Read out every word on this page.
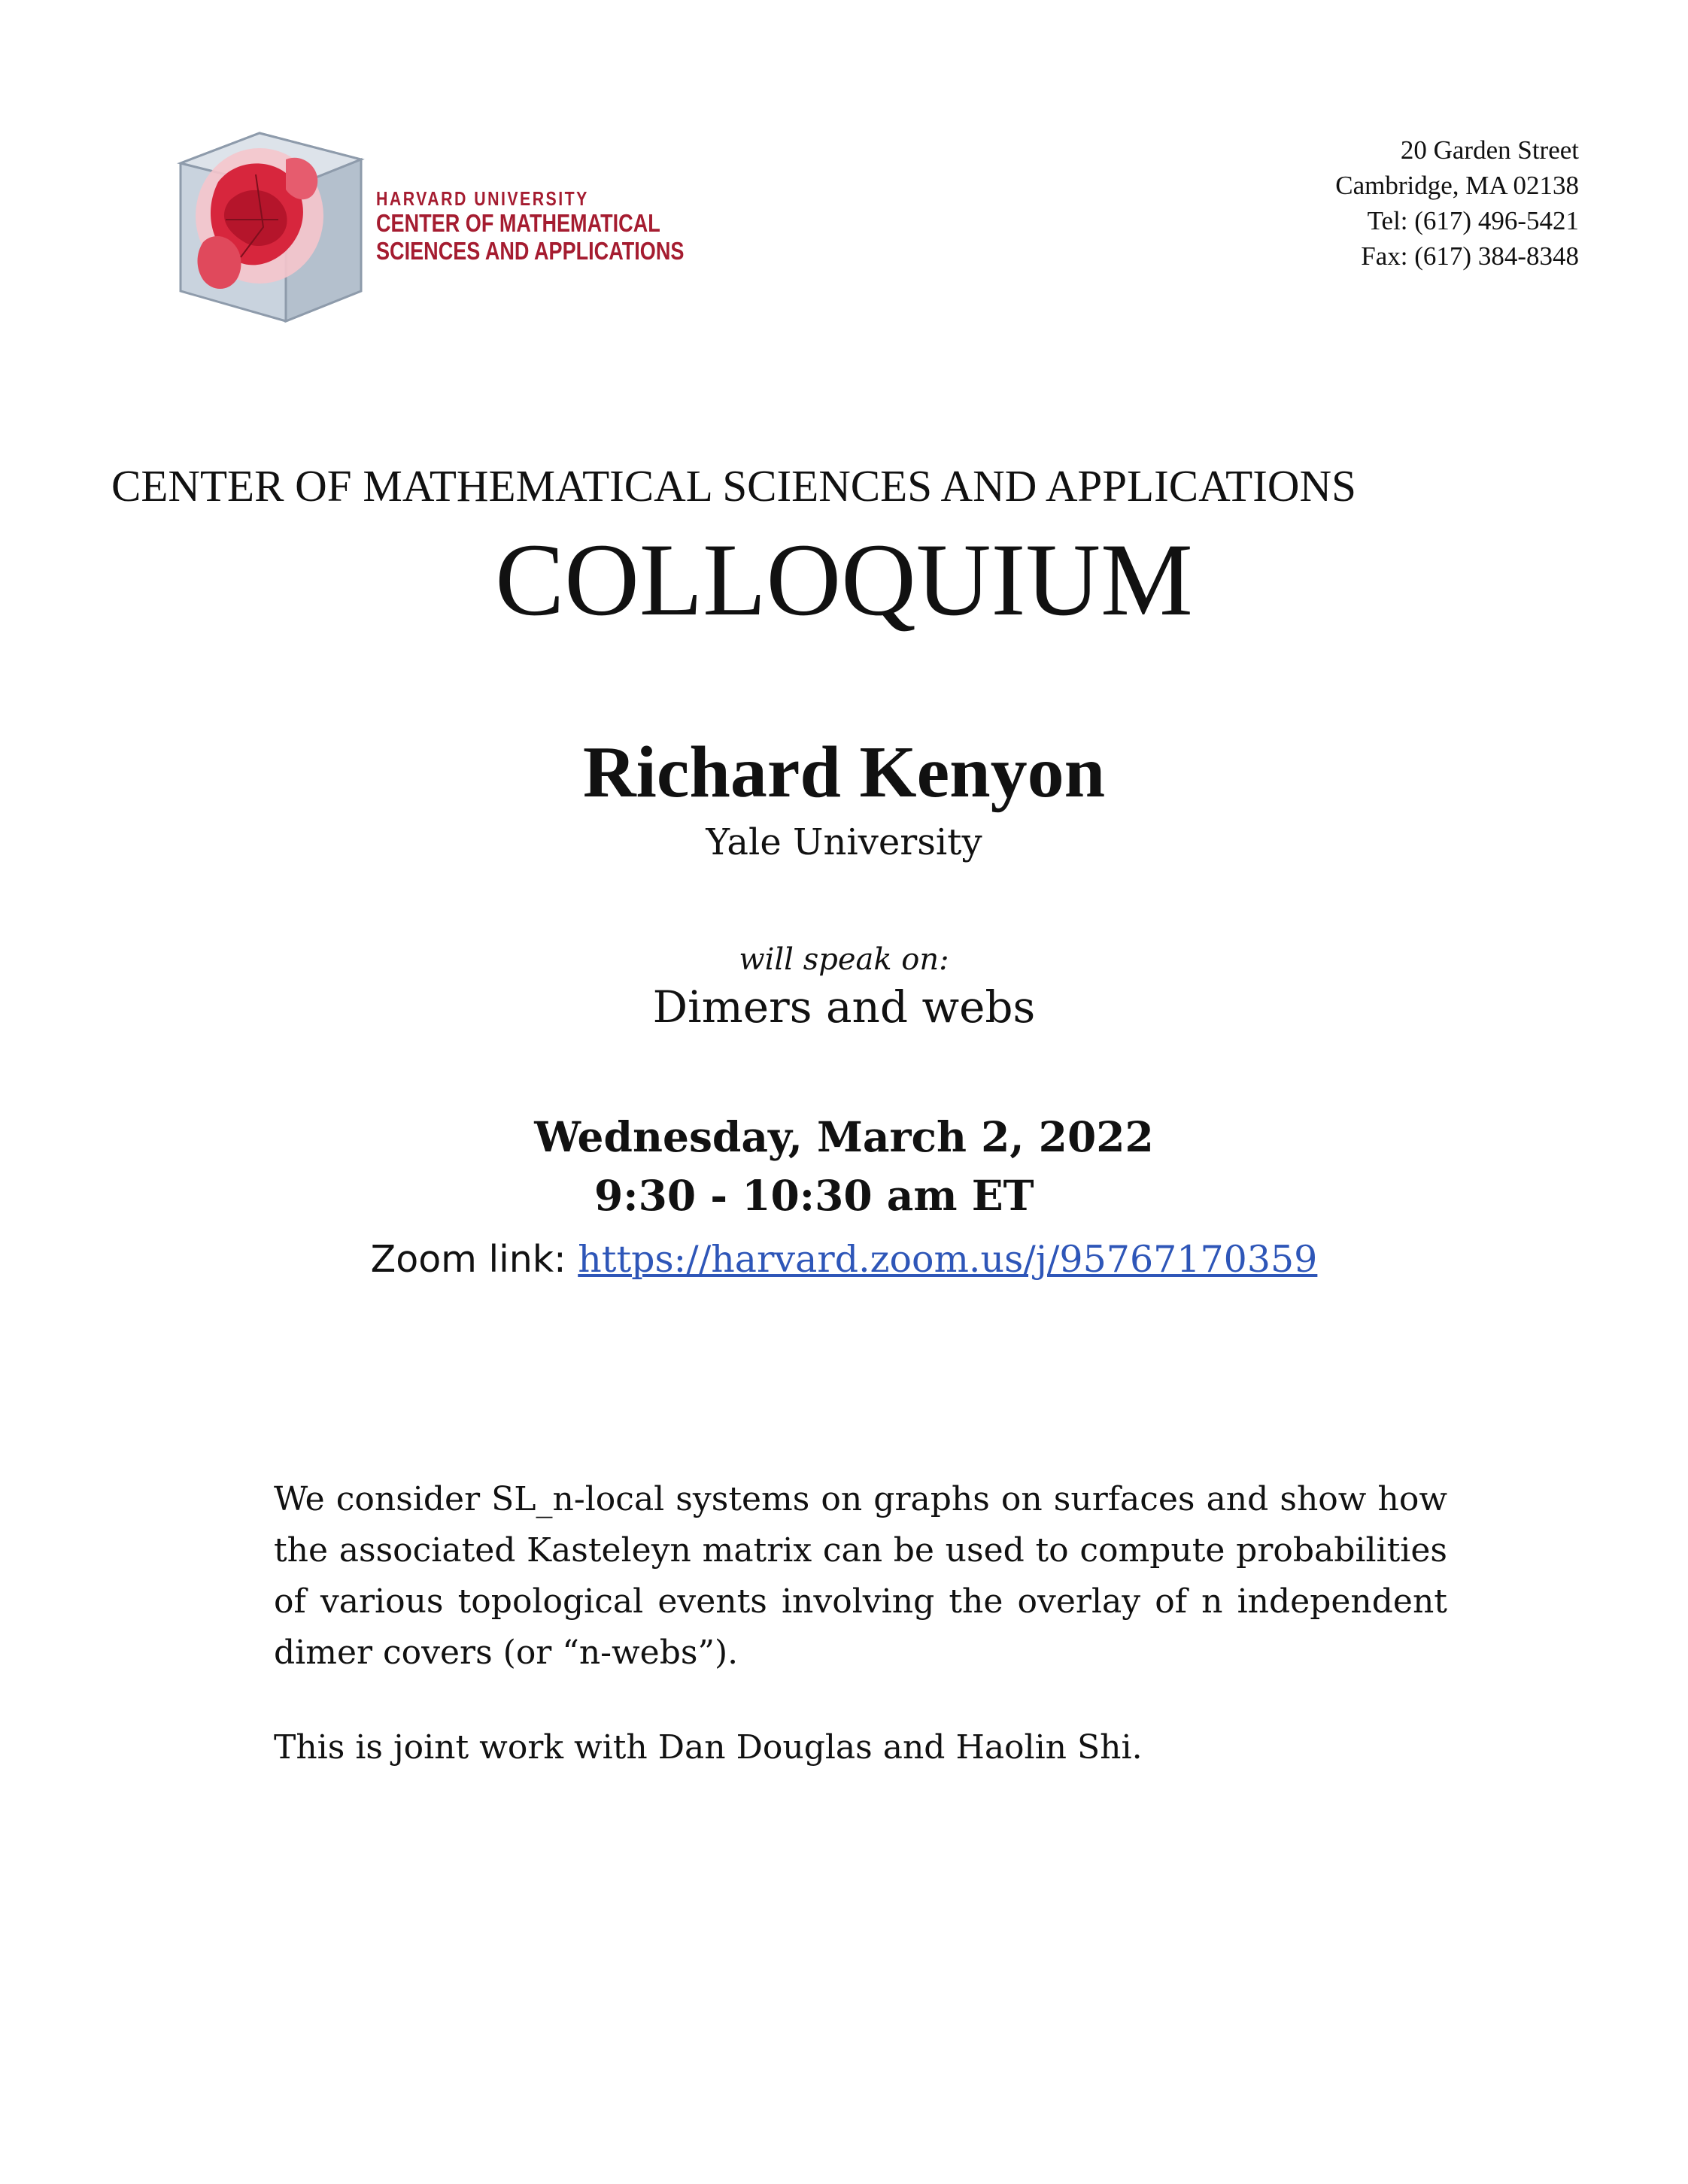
HARVARD UNIVERSITY
CENTER OF MATHEMATICAL
SCIENCES AND APPLICATIONS
20 Garden Street
Cambridge, MA 02138
Tel: (617) 496-5421
Fax: (617) 384-8348
CENTER OF MATHEMATICAL SCIENCES AND APPLICATIONS
COLLOQUIUM
Richard Kenyon
Yale University
will speak on:
Dimers and webs
Wednesday, March 2, 2022
9:30 - 10:30 am ET
Zoom link: https://harvard.zoom.us/j/95767170359
We consider SL_n-local systems on graphs on surfaces and show how the associated Kasteleyn matrix can be used to compute probabilities of various topological events involving the overlay of n independent dimer covers (or “n-webs”).
This is joint work with Dan Douglas and Haolin Shi.
